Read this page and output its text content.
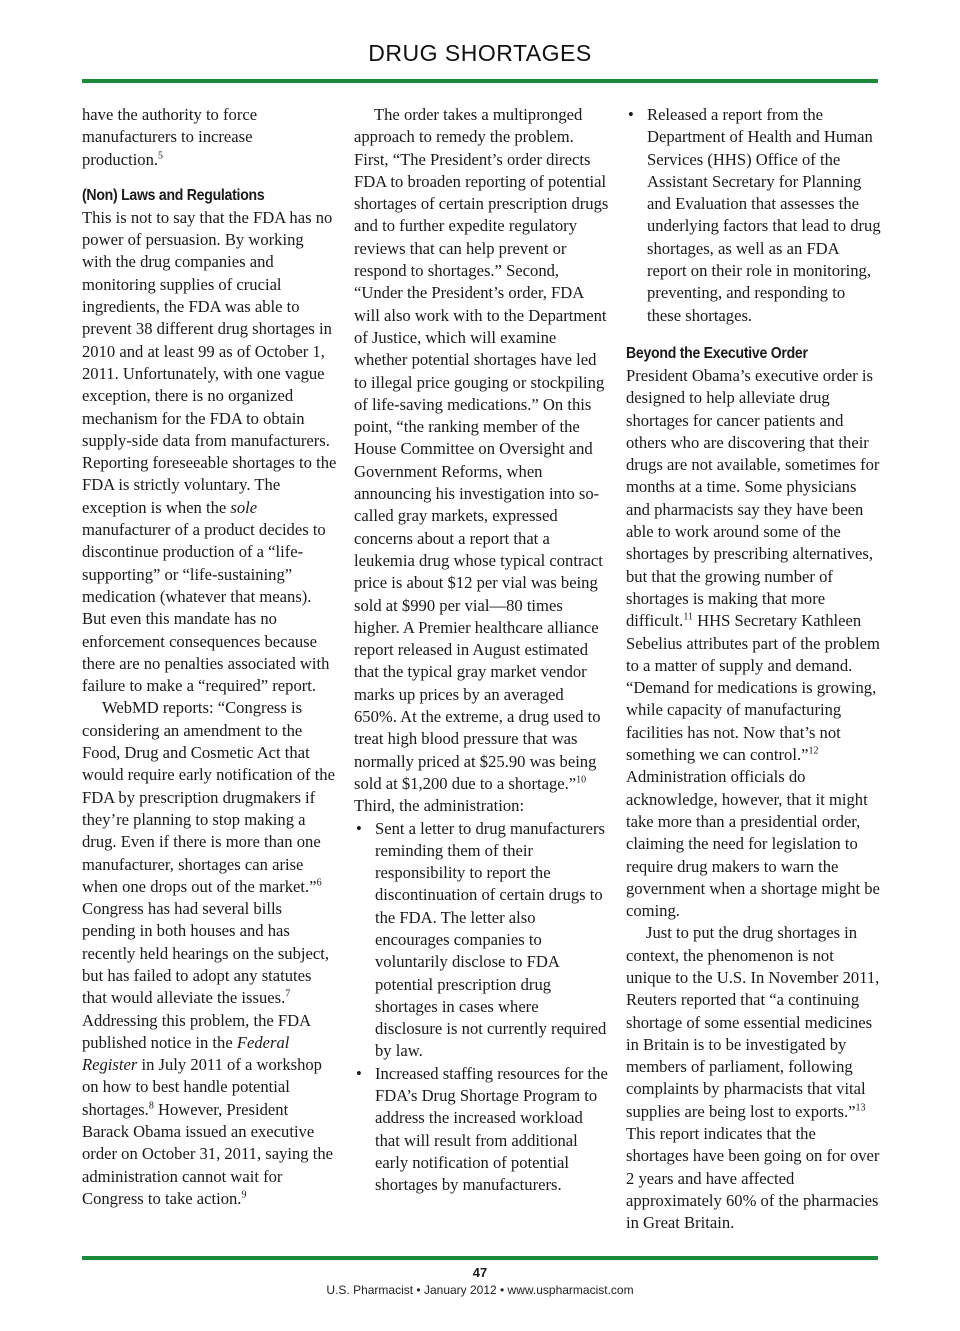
DRUG SHORTAGES

have the authority to force manufacturers to increase production.$^5$

(Non) Laws and Regulations

This is not to say that the FDA has no power of persuasion. By working with the drug companies and monitoring supplies of crucial ingredients, the FDA was able to prevent 38 different drug shortages in 2010 and at least 99 as of October 1, 2011. Unfortunately, with one vague exception, there is no organized mechanism for the FDA to obtain supply-side data from manufacturers. Reporting foreseeable shortages to the FDA is strictly voluntary. The exception is when the sole manufacturer of a product decides to discontinue production of a “life-supporting” or “life-sustaining” medication (whatever that means). But even this mandate has no enforcement consequences because there are no penalties associated with failure to make a “required” report.

WebMD reports: “Congress is considering an amendment to the Food, Drug and Cosmetic Act that would require early notification of the FDA by prescription drugmakers if they’re planning to stop making a drug. Even if there is more than one manufacturer, shortages can arise when one drops out of the market.”$^6$ Congress has had several bills pending in both houses and has recently held hearings on the subject, but has failed to adopt any statutes that would alleviate the issues.$^7$ Addressing this problem, the FDA published notice in the Federal Register in July 2011 of a workshop on how to best handle potential shortages.$^8$ However, President Barack Obama issued an executive order on October 31, 2011, saying the administration cannot wait for Congress to take action.$^9$

The order takes a multipronged approach to remedy the problem. First, “The President’s order directs FDA to broaden reporting of potential shortages of certain prescription drugs and to further expedite regulatory reviews that can help prevent or respond to shortages.” Second, “Under the President’s order, FDA will also work with to the Department of Justice, which will examine whether potential shortages have led to illegal price gouging or stockpiling of life-saving medications.” On this point, “the ranking member of the House Committee on Oversight and Government Reforms, when announcing his investigation into so-called gray markets, expressed concerns about a report that a leukemia drug whose typical contract price is about $12 per vial was being sold at $990 per vial—80 times higher. A Premier healthcare alliance report released in August estimated that the typical gray market vendor marks up prices by an averaged 650%. At the extreme, a drug used to treat high blood pressure that was normally priced at $25.90 was being sold at $1,200 due to a shortage.”$^{10}$

Third, the administration:

• Sent a letter to drug manufacturers reminding them of their responsibility to report the discontinuation of certain drugs to the FDA. The letter also encourages companies to voluntarily disclose to FDA potential prescription drug shortages in cases where disclosure is not currently required by law.
• Increased staffing resources for the FDA’s Drug Shortage Program to address the increased workload that will result from additional early notification of potential shortages by manufacturers.
• Released a report from the Department of Health and Human Services (HHS) Office of the Assistant Secretary for Planning and Evaluation that assesses the underlying factors that lead to drug shortages, as well as an FDA report on their role in monitoring, preventing, and responding to these shortages.
Beyond the Executive Order

President Obama’s executive order is designed to help alleviate drug shortages for cancer patients and others who are discovering that their drugs are not available, sometimes for months at a time. Some physicians and pharmacists say they have been able to work around some of the shortages by prescribing alternatives, but that the growing number of shortages is making that more difficult.$^{11}$ HHS Secretary Kathleen Sebelius attributes part of the problem to a matter of supply and demand. “Demand for medications is growing, while capacity of manufacturing facilities has not. Now that’s not something we can control.”$^{12}$ Administration officials do acknowledge, however, that it might take more than a presidential order, claiming the need for legislation to require drug makers to warn the government when a shortage might be coming.

Just to put the drug shortages in context, the phenomenon is not unique to the U.S. In November 2011, Reuters reported that “a continuing shortage of some essential medicines in Britain is to be investigated by members of parliament, following complaints by pharmacists that vital supplies are being lost to exports.”$^{13}$ This report indicates that the shortages have been going on for over 2 years and have affected approximately 60% of the pharmacies in Great Britain.

47
U.S. Pharmacist • January 2012 • www.uspharmacist.com
